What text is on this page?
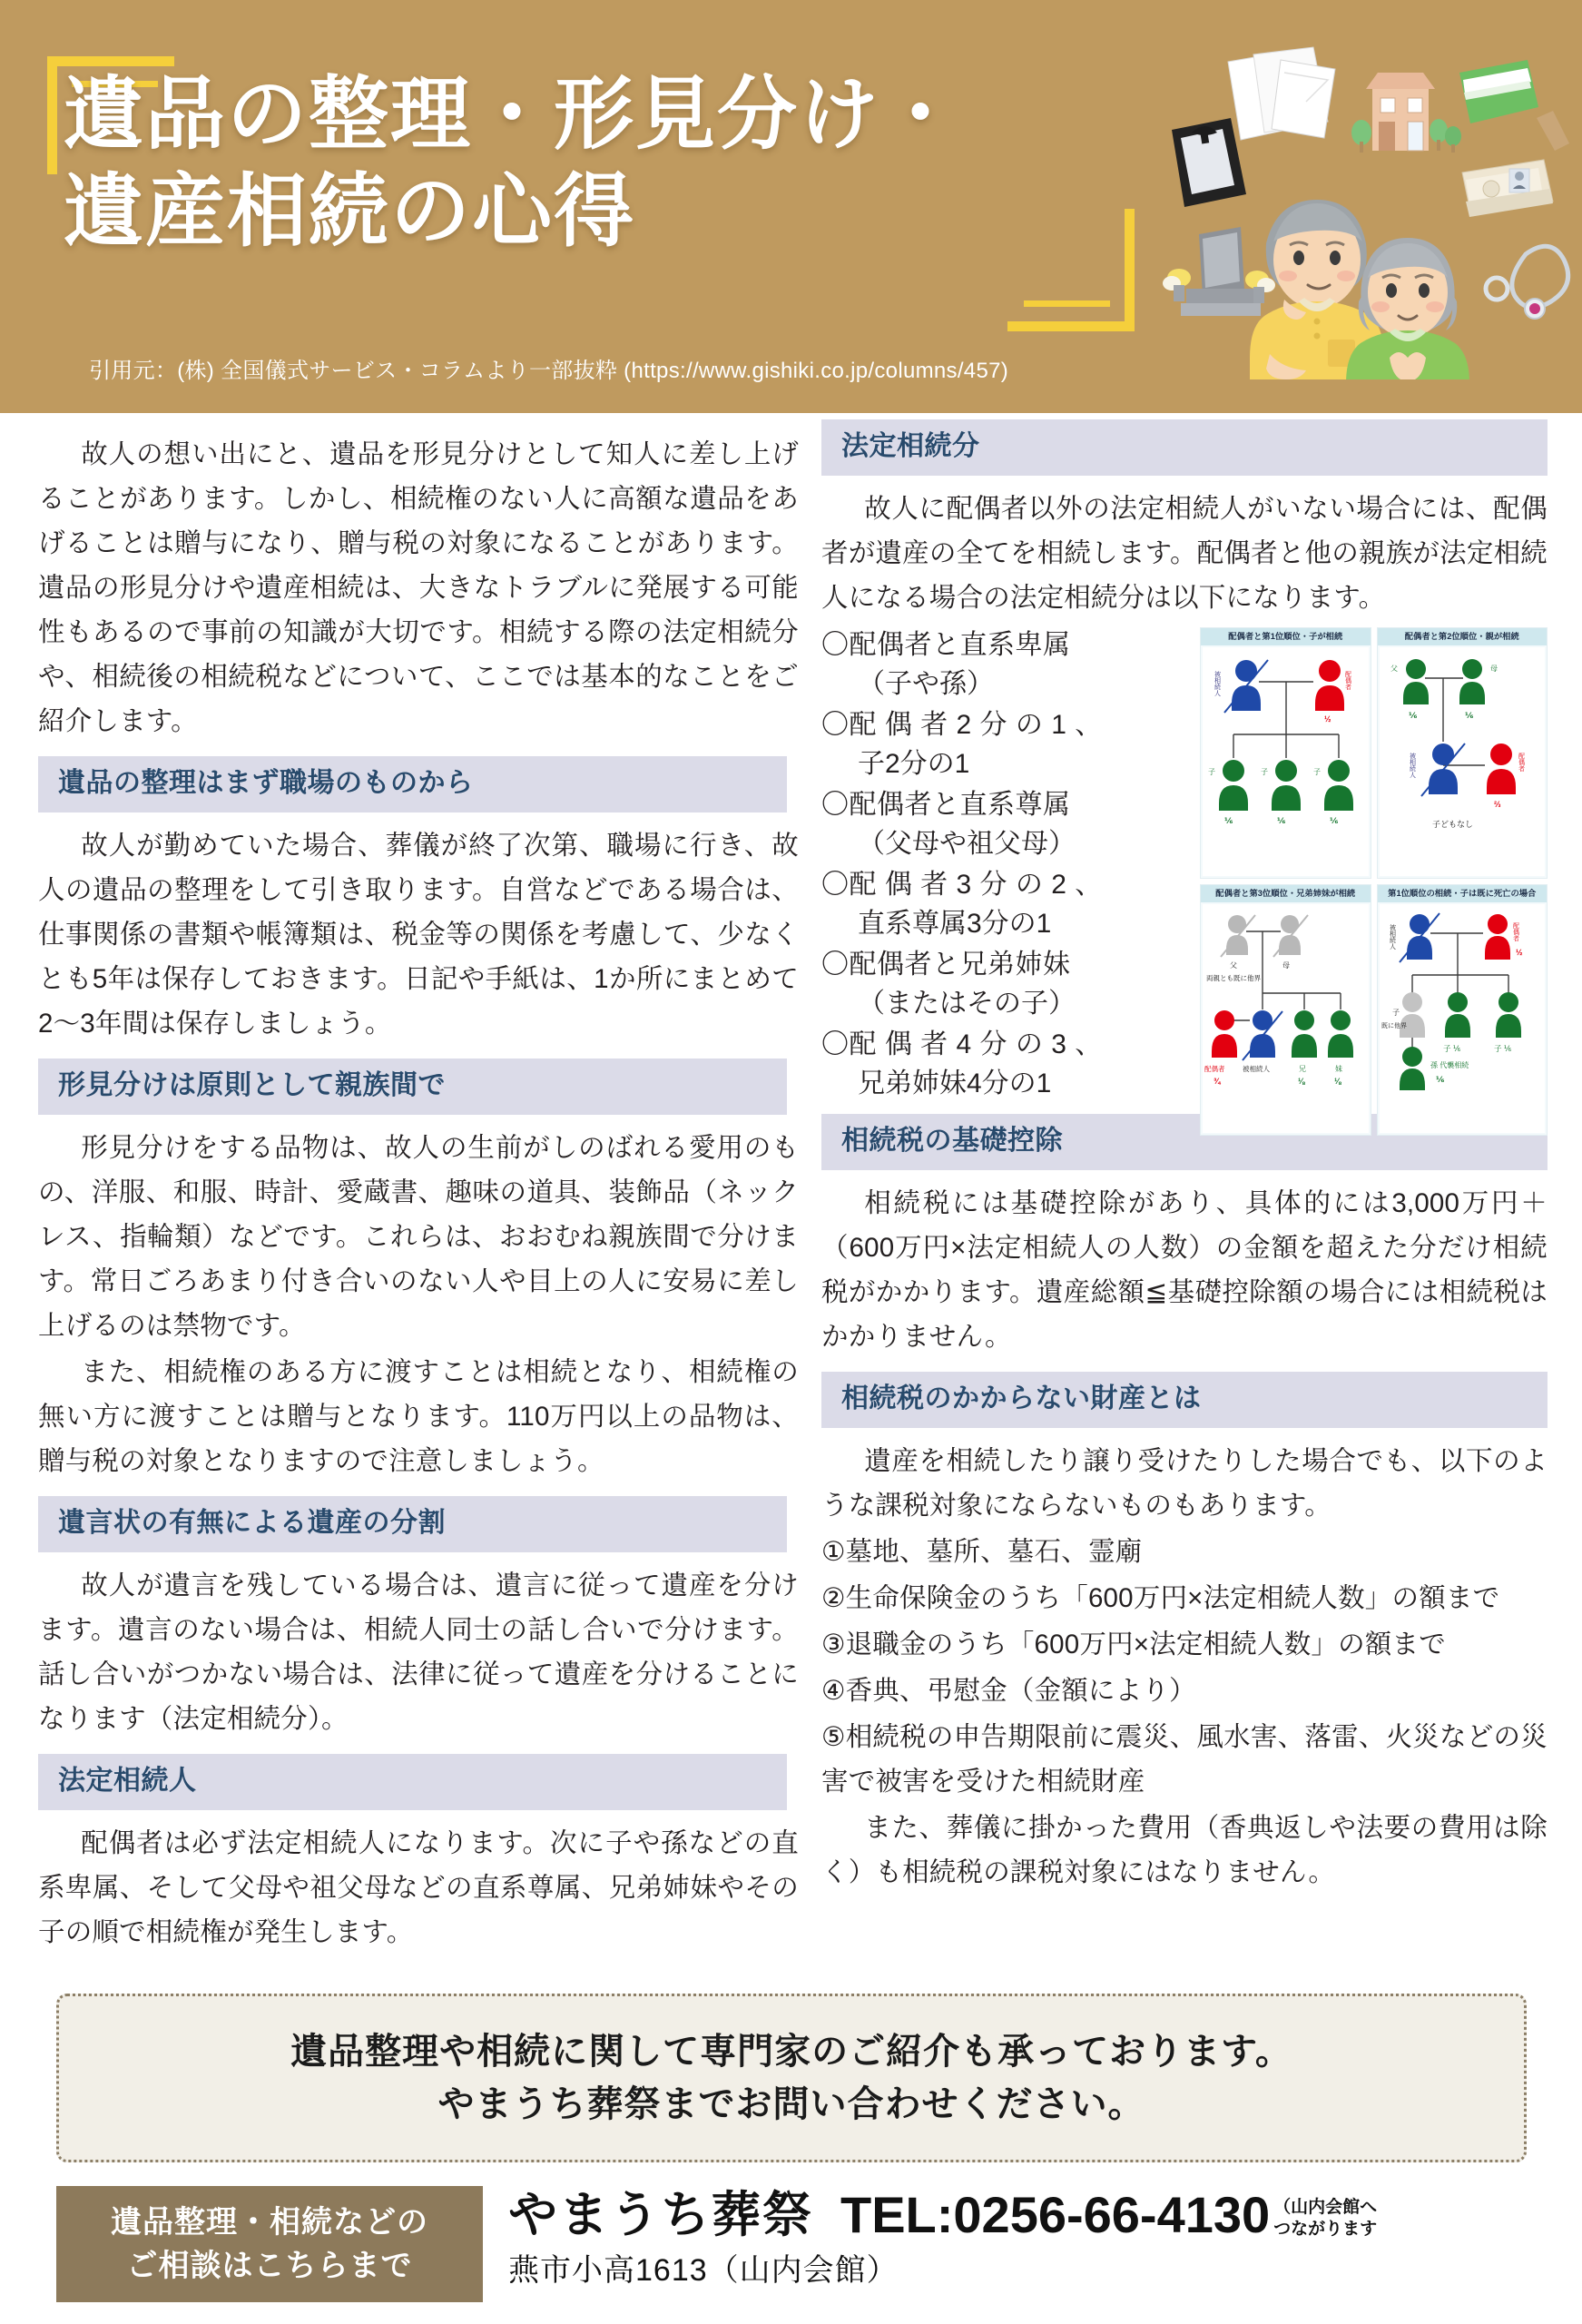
遺品の整理・形見分け・
遺産相続の心得
引用元：(株) 全国儀式サービス・コラムより一部抜粋 (https://www.gishiki.co.jp/columns/457)

故人の想い出にと、遺品を形見分けとして知人に差し上げることがあります。しかし、相続権のない人に高額な遺品をあげることは贈与になり、贈与税の対象になることがあります。遺品の形見分けや遺産相続は、大きなトラブルに発展する可能性もあるので事前の知識が大切です。相続する際の法定相続分や、相続後の相続税などについて、ここでは基本的なことをご紹介します。

遺品の整理はまず職場のものから

故人が勤めていた場合、葬儀が終了次第、職場に行き、故人の遺品の整理をして引き取ります。自営などである場合は、仕事関係の書類や帳簿類は、税金等の関係を考慮して、少なくとも5年は保存しておきます。日記や手紙は、1か所にまとめて2〜3年間は保存しましょう。

形見分けは原則として親族間で

形見分けをする品物は、故人の生前がしのばれる愛用のもの、洋服、和服、時計、愛蔵書、趣味の道具、装飾品（ネックレス、指輪類）などです。これらは、おおむね親族間で分けます。常日ごろあまり付き合いのない人や目上の人に安易に差し上げるのは禁物です。

また、相続権のある方に渡すことは相続となり、相続権の無い方に渡すことは贈与となります。110万円以上の品物は、贈与税の対象となりますので注意しましょう。

遺言状の有無による遺産の分割

故人が遺言を残している場合は、遺言に従って遺産を分けます。遺言のない場合は、相続人同士の話し合いで分けます。話し合いがつかない場合は、法律に従って遺産を分けることになります（法定相続分）。

法定相続人

配偶者は必ず法定相続人になります。次に子や孫などの直系卑属、そして父母や祖父母などの直系尊属、兄弟姉妹やその子の順で相続権が発生します。

法定相続分

故人に配偶者以外の法定相続人がいない場合には、配偶者が遺産の全てを相続します。配偶者と他の親族が法定相続人になる場合の法定相続分は以下になります。

〇配偶者と直系卑属
（子や孫）
〇配 偶 者 2 分 の 1 、
子2分の1
〇配偶者と直系尊属
（父母や祖父母）
〇配 偶 者 3 分 の 2 、
直系尊属3分の1
〇配偶者と兄弟姉妹
（またはその子）
〇配 偶 者 4 分 の 3 、
兄弟姉妹4分の1
配偶者と第1位順位・子が相続
被相続人	配偶者
½
子
⅙
子
⅙
子
⅙
配偶者と第2位順位・親が相続
父
⅙
母
⅙
被相続人	配偶者
⅔
子どもなし
配偶者と第3位順位・兄弟姉妹が相続
父	母
両親とも既に他界
配偶者
¾
被相続人	兄
⅛
妹
⅛
第1位順位の相続・子は既に死亡の場合
被相続人	配偶者
½
子
既に他界
子 ⅙	子 ⅙
孫 代襲相続
⅙
相続税の基礎控除

相続税には基礎控除があり、具体的には3,000万円＋（600万円×法定相続人の人数）の金額を超えた分だけ相続税がかかります。遺産総額≦基礎控除額の場合には相続税はかかりません。

相続税のかからない財産とは

遺産を相続したり譲り受けたりした場合でも、以下のような課税対象にならないものもあります。

①墓地、墓所、墓石、霊廟

②生命保険金のうち「600万円×法定相続人数」の額まで

③退職金のうち「600万円×法定相続人数」の額まで

④香典、弔慰金（金額により）

⑤相続税の申告期限前に震災、風水害、落雷、火災などの災害で被害を受けた相続財産

また、葬儀に掛かった費用（香典返しや法要の費用は除く）も相続税の課税対象にはなりません。

遺品整理や相続に関して専門家のご紹介も承っております。
やまうち葬祭までお問い合わせください。
遺品整理・相続などの
ご相談はこちらまで
やまうち葬祭 TEL:0256-66-4130 （山内会館へ
つながります
燕市小高1613（山内会館）
